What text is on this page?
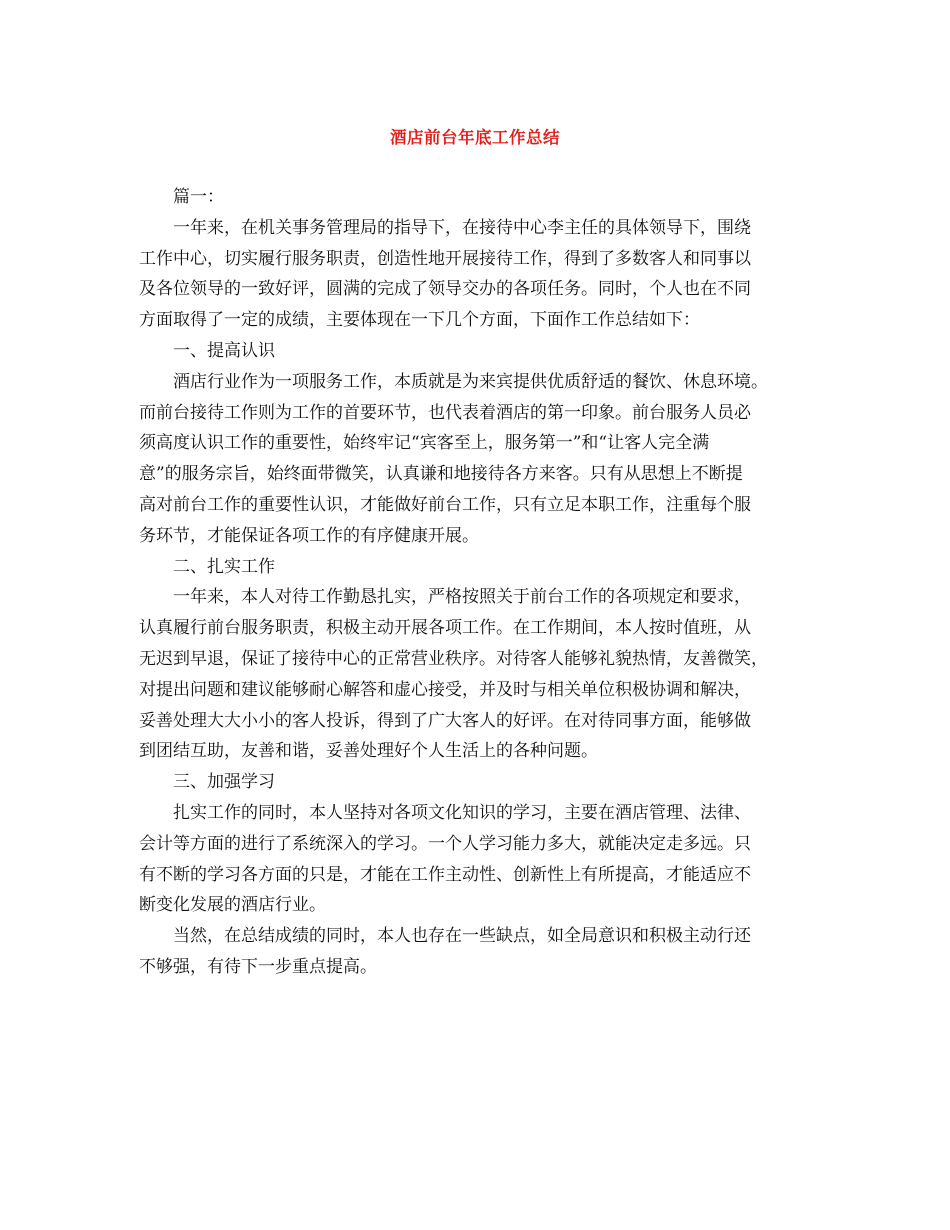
酒店前台年底工作总结
篇一：
一年来，在机关事务管理局的指导下，在接待中心李主任的具体领导下，围绕
工作中心，切实履行服务职责，创造性地开展接待工作，得到了多数客人和同事以
及各位领导的一致好评，圆满的完成了领导交办的各项任务。同时，个人也在不同
方面取得了一定的成绩，主要体现在一下几个方面，下面作工作总结如下：
一、提高认识
酒店行业作为一项服务工作，本质就是为来宾提供优质舒适的餐饮、休息环境。
而前台接待工作则为工作的首要环节，也代表着酒店的第一印象。前台服务人员必
须高度认识工作的重要性，始终牢记“宾客至上，服务第一”和“让客人完全满
意”的服务宗旨，始终面带微笑，认真谦和地接待各方来客。只有从思想上不断提
高对前台工作的重要性认识，才能做好前台工作，只有立足本职工作，注重每个服
务环节，才能保证各项工作的有序健康开展。
二、扎实工作
一年来，本人对待工作勤恳扎实，严格按照关于前台工作的各项规定和要求，
认真履行前台服务职责，积极主动开展各项工作。在工作期间，本人按时值班，从
无迟到早退，保证了接待中心的正常营业秩序。对待客人能够礼貌热情，友善微笑，
对提出问题和建议能够耐心解答和虚心接受，并及时与相关单位积极协调和解决，
妥善处理大大小小的客人投诉，得到了广大客人的好评。在对待同事方面，能够做
到团结互助，友善和谐，妥善处理好个人生活上的各种问题。
三、加强学习
扎实工作的同时，本人坚持对各项文化知识的学习，主要在酒店管理、法律、
会计等方面的进行了系统深入的学习。一个人学习能力多大，就能决定走多远。只
有不断的学习各方面的只是，才能在工作主动性、创新性上有所提高，才能适应不
断变化发展的酒店行业。
当然，在总结成绩的同时，本人也存在一些缺点，如全局意识和积极主动行还
不够强，有待下一步重点提高。
